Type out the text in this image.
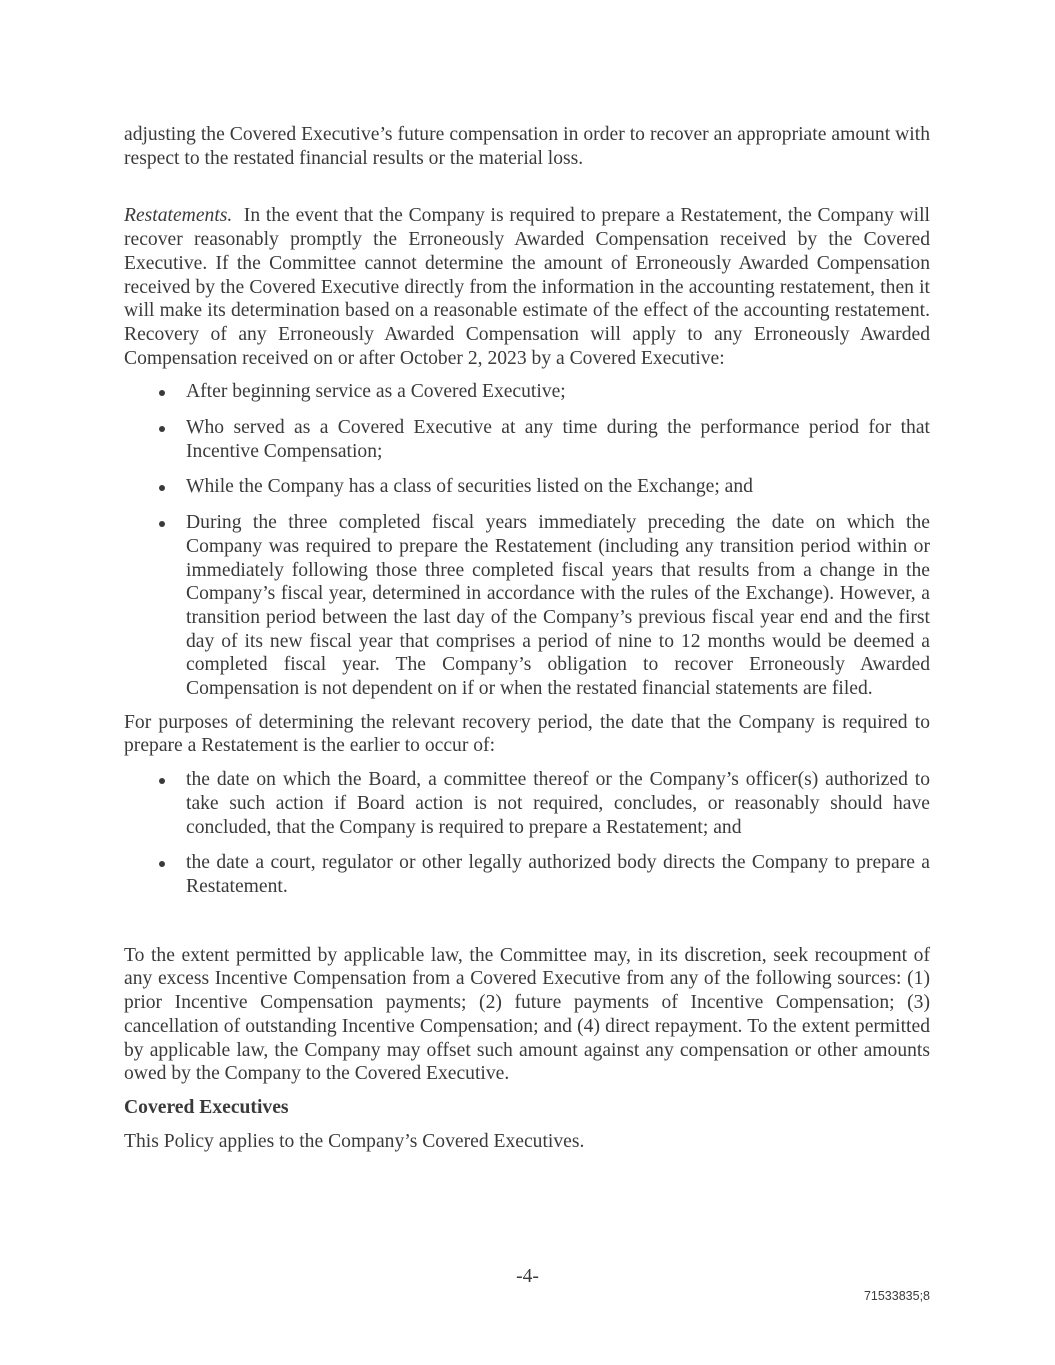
adjusting the Covered Executive’s future compensation in order to recover an appropriate amount with respect to the restated financial results or the material loss.

Restatements.  In the event that the Company is required to prepare a Restatement, the Company will recover reasonably promptly the Erroneously Awarded Compensation received by the Covered Executive. If the Committee cannot determine the amount of Erroneously Awarded Compensation received by the Covered Executive directly from the information in the accounting restatement, then it will make its determination based on a reasonable estimate of the effect of the accounting restatement. Recovery of any Erroneously Awarded Compensation will apply to any Erroneously Awarded Compensation received on or after October 2, 2023 by a Covered Executive:

After beginning service as a Covered Executive;
Who served as a Covered Executive at any time during the performance period for that Incentive Compensation;
While the Company has a class of securities listed on the Exchange; and
During the three completed fiscal years immediately preceding the date on which the Company was required to prepare the Restatement (including any transition period within or immediately following those three completed fiscal years that results from a change in the Company’s fiscal year, determined in accordance with the rules of the Exchange). However, a transition period between the last day of the Company’s previous fiscal year end and the first day of its new fiscal year that comprises a period of nine to 12 months would be deemed a completed fiscal year. The Company’s obligation to recover Erroneously Awarded Compensation is not dependent on if or when the restated financial statements are filed.

For purposes of determining the relevant recovery period, the date that the Company is required to prepare a Restatement is the earlier to occur of:

the date on which the Board, a committee thereof or the Company’s officer(s) authorized to take such action if Board action is not required, concludes, or reasonably should have concluded, that the Company is required to prepare a Restatement; and
the date a court, regulator or other legally authorized body directs the Company to prepare a Restatement.

To the extent permitted by applicable law, the Committee may, in its discretion, seek recoupment of any excess Incentive Compensation from a Covered Executive from any of the following sources: (1) prior Incentive Compensation payments; (2) future payments of Incentive Compensation; (3) cancellation of outstanding Incentive Compensation; and (4) direct repayment. To the extent permitted by applicable law, the Company may offset such amount against any compensation or other amounts owed by the Company to the Covered Executive.

Covered Executives

This Policy applies to the Company’s Covered Executives.

-4-
71533835;8
